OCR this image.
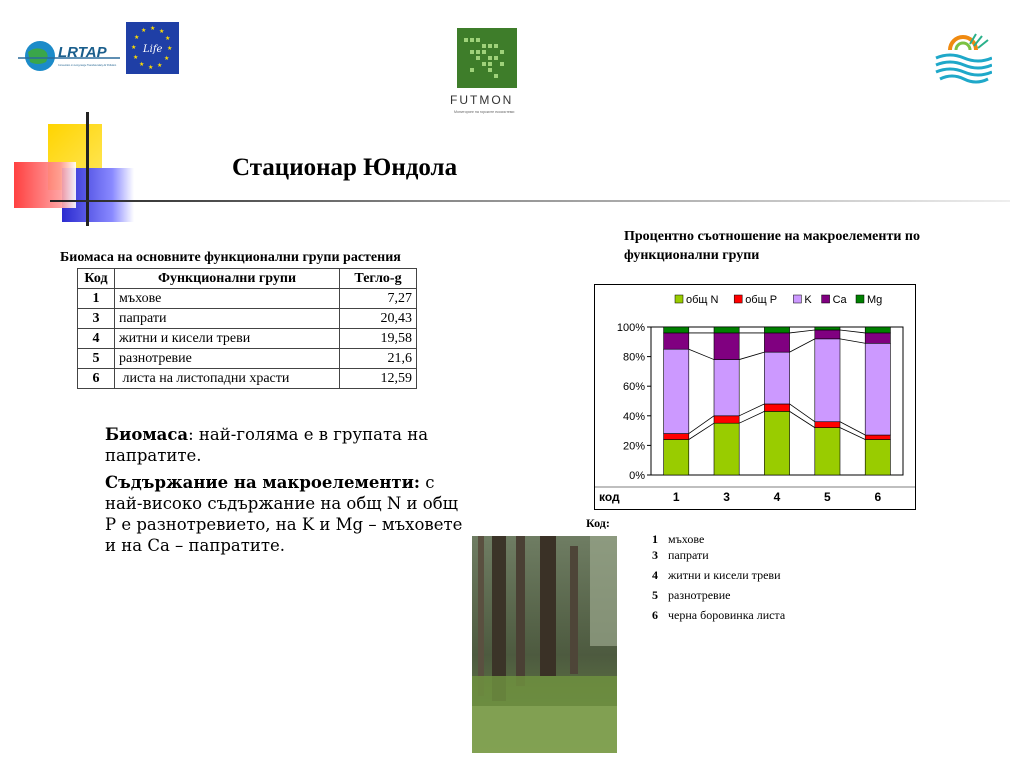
LRTAP
Convention on Long-range Transboundary Air Pollution
★ ★
★
★
★
★
★
★
★
★
★
★
Life
FUTMON
Мониторинг на горските екосистеми
Стационар Юндола
Биомаса на основните функционални групи растения
Код	Функционални групи	Тегло-g
1	мъхове	7,27
3	папрати	20,43
4	житни и кисели треви	19,58
5	разнотревие	21,6
6	листа на листопадни храсти	12,59

Биомаса: най-голяма е в групата на папратите.

Съдържание на макроелементи: с най-високо съдържание на общ N и общ P е разнотревието, на K и Mg – мъховете и на Ca – папратите.

Процентно съотношение на макроелементи по функционални групи
0%
20%
40%
60%
80%
100%
1	3	4	5	6
код
общ N общ P K Ca Mg
Код:
1 мъхове
3 папрати
4 житни и кисели треви
5 разнотревие
6 черна боровинка листа
